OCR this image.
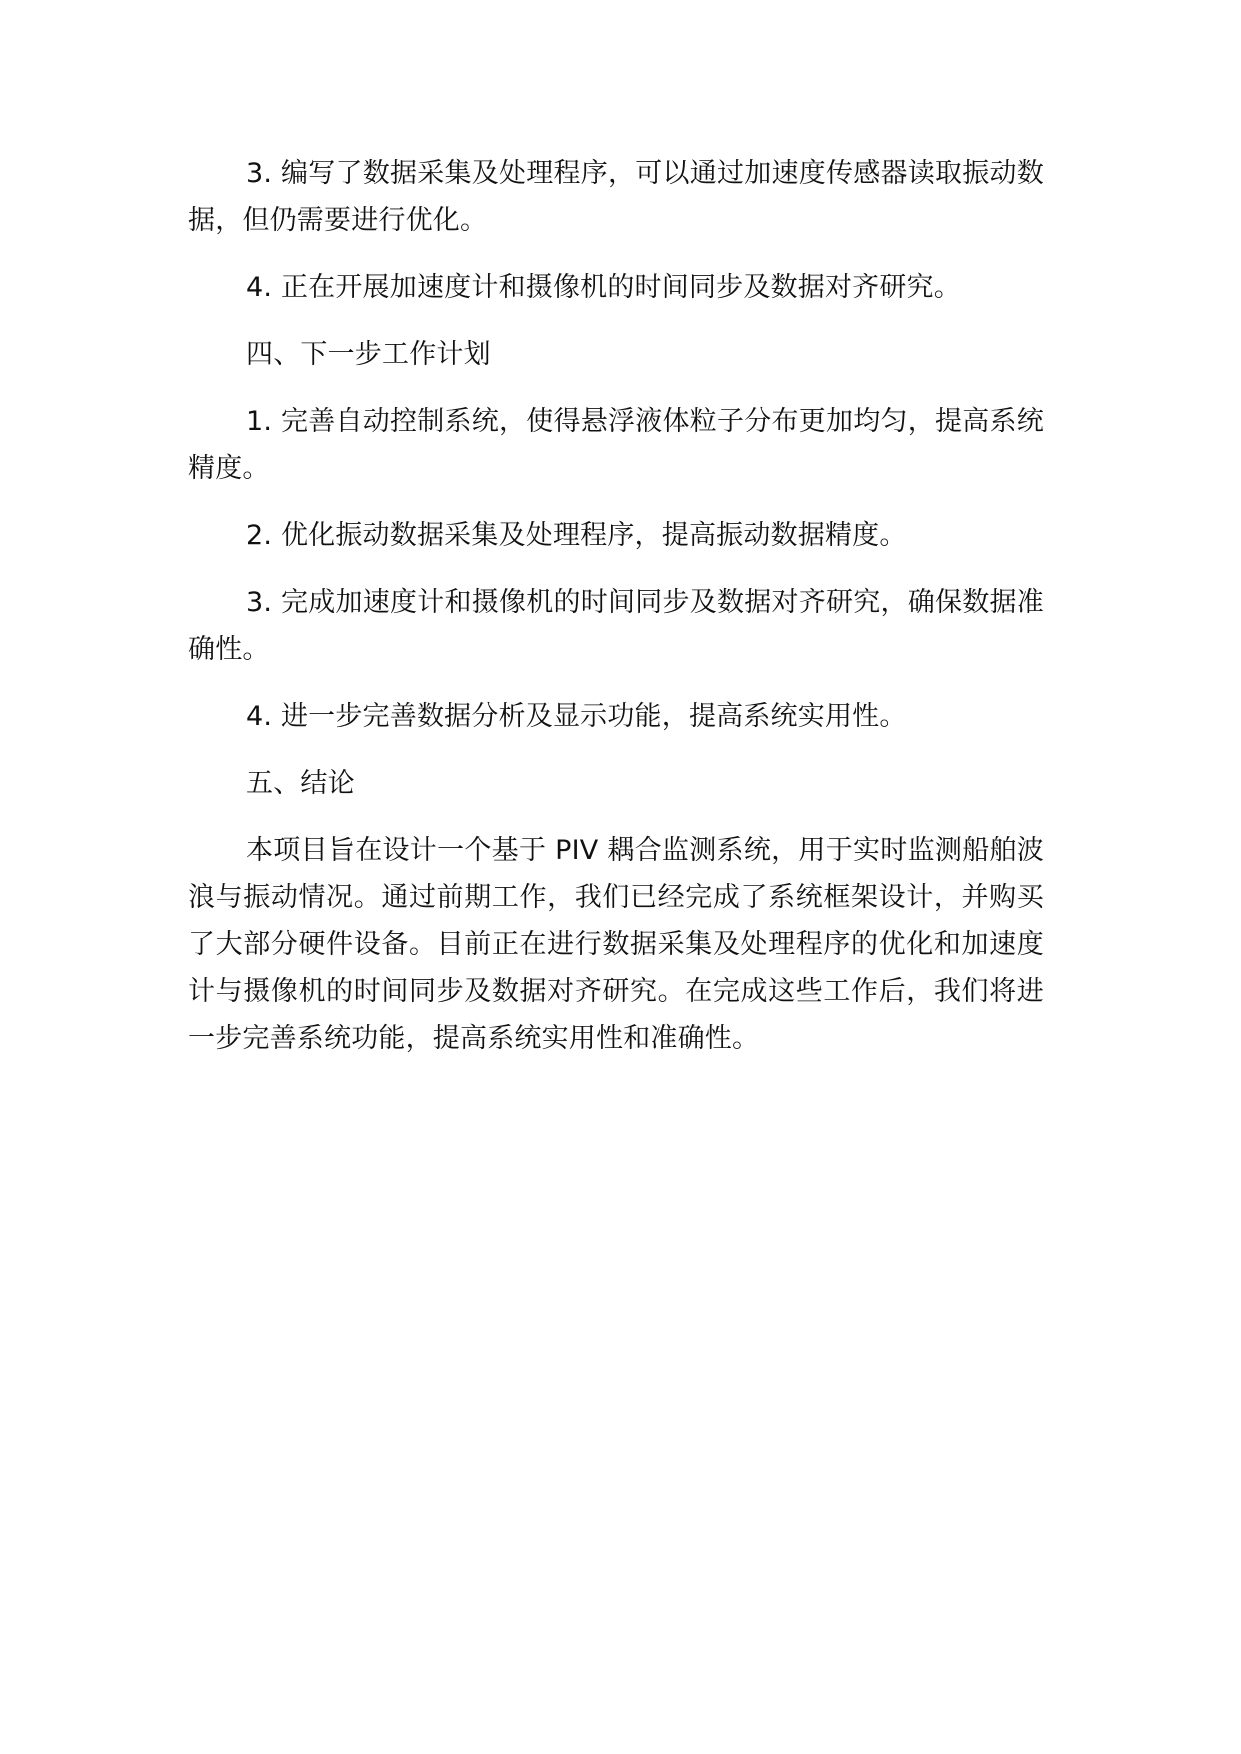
3. 编写了数据采集及处理程序，可以通过加速度传感器读取振动数据，但仍需要进行优化。

4. 正在开展加速度计和摄像机的时间同步及数据对齐研究。

四、下一步工作计划

1. 完善自动控制系统，使得悬浮液体粒子分布更加均匀，提高系统精度。

2. 优化振动数据采集及处理程序，提高振动数据精度。

3. 完成加速度计和摄像机的时间同步及数据对齐研究，确保数据准确性。

4. 进一步完善数据分析及显示功能，提高系统实用性。

五、结论

本项目旨在设计一个基于 PIV 耦合监测系统，用于实时监测船舶波浪与振动情况。通过前期工作，我们已经完成了系统框架设计，并购买了大部分硬件设备。目前正在进行数据采集及处理程序的优化和加速度计与摄像机的时间同步及数据对齐研究。在完成这些工作后，我们将进一步完善系统功能，提高系统实用性和准确性。
